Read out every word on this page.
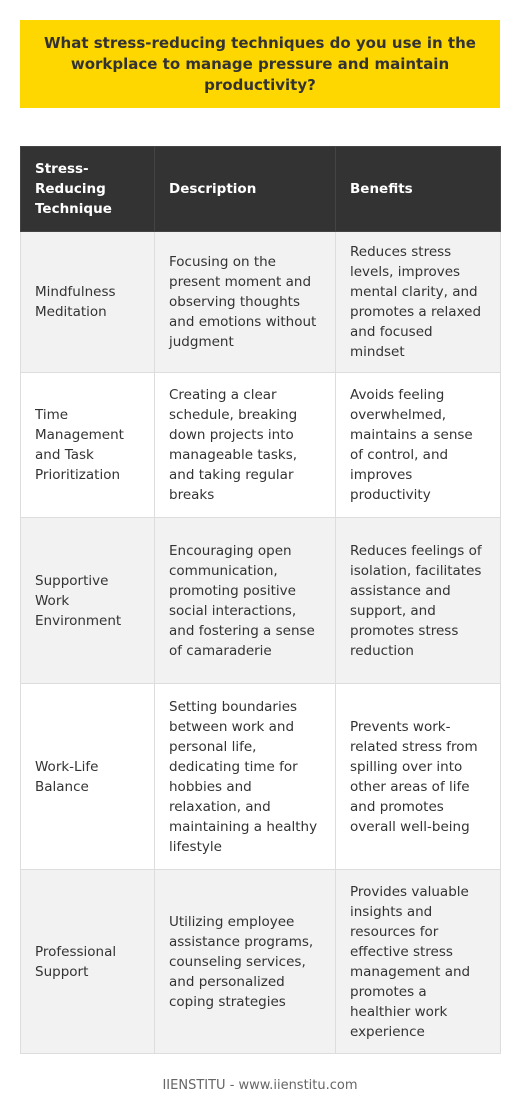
What stress-reducing techniques do you use in the workplace to manage pressure and maintain productivity?
Stress-Reducing Technique	Description	Benefits
Mindfulness Meditation	Focusing on the present moment and observing thoughts and emotions without judgment	Reduces stress levels, improves mental clarity, and promotes a relaxed and focused mindset
Time Management and Task Prioritization	Creating a clear schedule, breaking down projects into manageable tasks, and taking regular breaks	Avoids feeling overwhelmed, maintains a sense of control, and improves productivity
Supportive Work Environment	Encouraging open communication, promoting positive social interactions, and fostering a sense of camaraderie	Reduces feelings of isolation, facilitates assistance and support, and promotes stress reduction
Work-Life Balance	Setting boundaries between work and personal life, dedicating time for hobbies and relaxation, and maintaining a healthy lifestyle	Prevents work-related stress from spilling over into other areas of life and promotes overall well-being
Professional Support	Utilizing employee assistance programs, counseling services, and personalized coping strategies	Provides valuable insights and resources for effective stress management and promotes a healthier work experience
IIENSTITU - www.iienstitu.com
